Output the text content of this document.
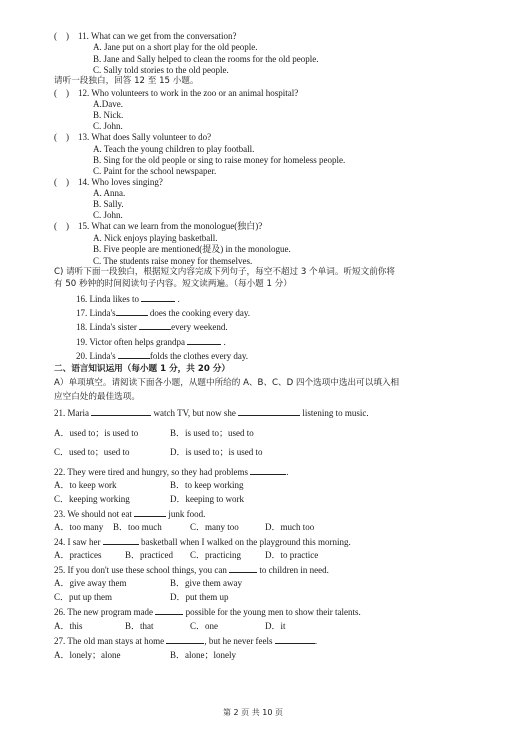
(　) 11. What can we get from the conversation?
A. Jane put on a short play for the old people.
B. Jane and Sally helped to clean the rooms for the old people.
C. Sally told stories to the old people.
请听一段独白，回答 12 至 15 小题。
(　) 12. Who volunteers to work in the zoo or an animal hospital?
A.Dave.
B. Nick.
C. John.
(　) 13. What does Sally volunteer to do?
A. Teach the young children to play football.
B. Sing for the old people or sing to raise money for homeless people.
C. Paint for the school newspaper.
(　) 14. Who loves singing?
A. Anna.
B. Sally.
C. John.
(　) 15. What can we learn from the monologue(独白)?
A. Nick enjoys playing basketball.
B. Five people are mentioned(提及) in the monologue.
C. The students raise money for themselves.
C) 请听下面一段独白，根据短文内容完成下列句子，每空不超过 3 个单词。听短文前你将
有 50 秒钟的时间阅读句子内容。短文读两遍。（每小题 1 分）
16. Linda likes to	.
17. Linda's	does the cooking every day.
18. Linda's sister	every weekend.
19. Victor often helps grandpa	.
20. Linda's	folds the clothes every day.
二、语言知识运用（每小题 1 分，共 20 分）
A）单项填空。请阅读下面各小题，从题中所给的 A、B、C、D 四个选项中选出可以填入相
应空白处的最佳选项。
21. Maria	watch TV, but now she	listening to music.
A．used to；is used to	B．is used to；used to
C．used to；used to	D．is used to；is used to
22. They were tired and hungry, so they had problems	.
A．to keep work	B．to keep working
C．keeping working	D．keeping to work
23. We should not eat	junk food.
A．too many B．too much	C．many too	D．much too
24. I saw her	basketball when I walked on the playground this morning.
A．practices	B．practiced C．practicing	D．to practice
25. If you don't use these school things, you can	to children in need.
A．give away them	B．give them away
C．put up them	D．put them up
26. The new program made	possible for the young men to show their talents.
A．this	B．that	C．one	D．it
27. The old man stays at home	, but he never feels	.
A．lonely；alone	B．alone；lonely
第 2 页 共 10 页
